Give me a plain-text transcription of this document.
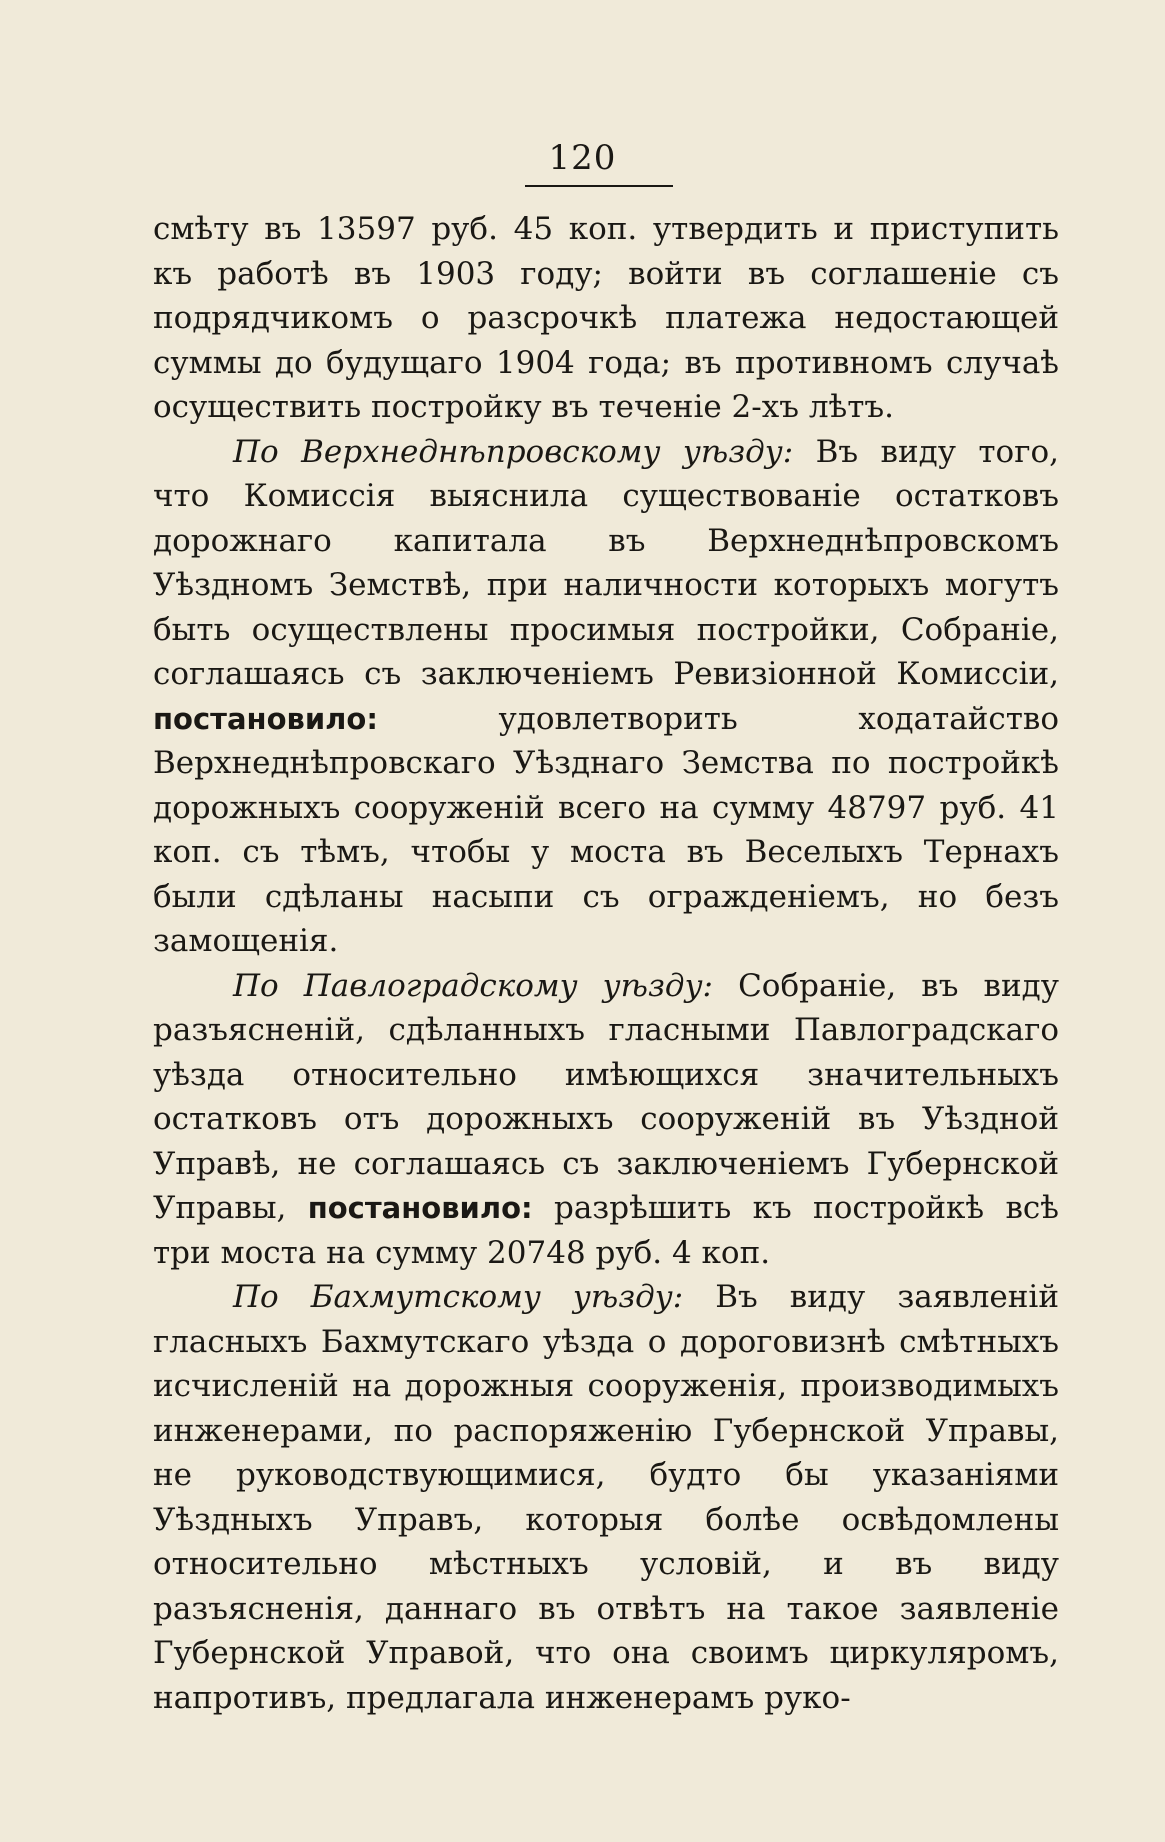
120

смѣту въ 13597 руб. 45 коп. утвердить и приступить къ работѣ въ 1903 году; войти въ соглашеніе съ подрядчикомъ о разсрочкѣ платежа недостающей суммы до будущаго 1904 года; въ противномъ случаѣ осуществить постройку въ теченіе 2-хъ лѣтъ.

По Верхнеднѣпровскому уѣзду: Въ виду того, что Комиссія выяснила существованіе остатковъ дорожнаго капитала въ Верхнеднѣпровскомъ Уѣздномъ Земствѣ, при наличности которыхъ могутъ быть осуществлены просимыя постройки, Собраніе, соглашаясь съ заключеніемъ Ревизіонной Комиссіи, постановило: удовлетворить ходатайство Верхнеднѣпровскаго Уѣзднаго Земства по постройкѣ дорожныхъ сооруженій всего на сумму 48797 руб. 41 коп. съ тѣмъ, чтобы у моста въ Веселыхъ Тернахъ были сдѣланы насыпи съ огражденіемъ, но безъ замощенія.

По Павлоградскому уѣзду: Собраніе, въ виду разъясненій, сдѣланныхъ гласными Павлоградскаго уѣзда относительно имѣющихся значительныхъ остатковъ отъ дорожныхъ сооруженій въ Уѣздной Управѣ, не соглашаясь съ заключеніемъ Губернской Управы, постановило: разрѣшить къ постройкѣ всѣ три моста на сумму 20748 руб. 4 коп.

По Бахмутскому уѣзду: Въ виду заявленій гласныхъ Бахмутскаго уѣзда о дороговизнѣ смѣтныхъ исчисленій на дорожныя сооруженія, производимыхъ инженерами, по распоряженію Губернской Управы, не руководствующимися, будто бы указаніями Уѣздныхъ Управъ, которыя болѣе освѣдомлены относительно мѣстныхъ условій, и въ виду разъясненія, даннаго въ отвѣтъ на такое заявленіе Губернской Управой, что она своимъ циркуляромъ, напротивъ, предлагала инженерамъ руко-
